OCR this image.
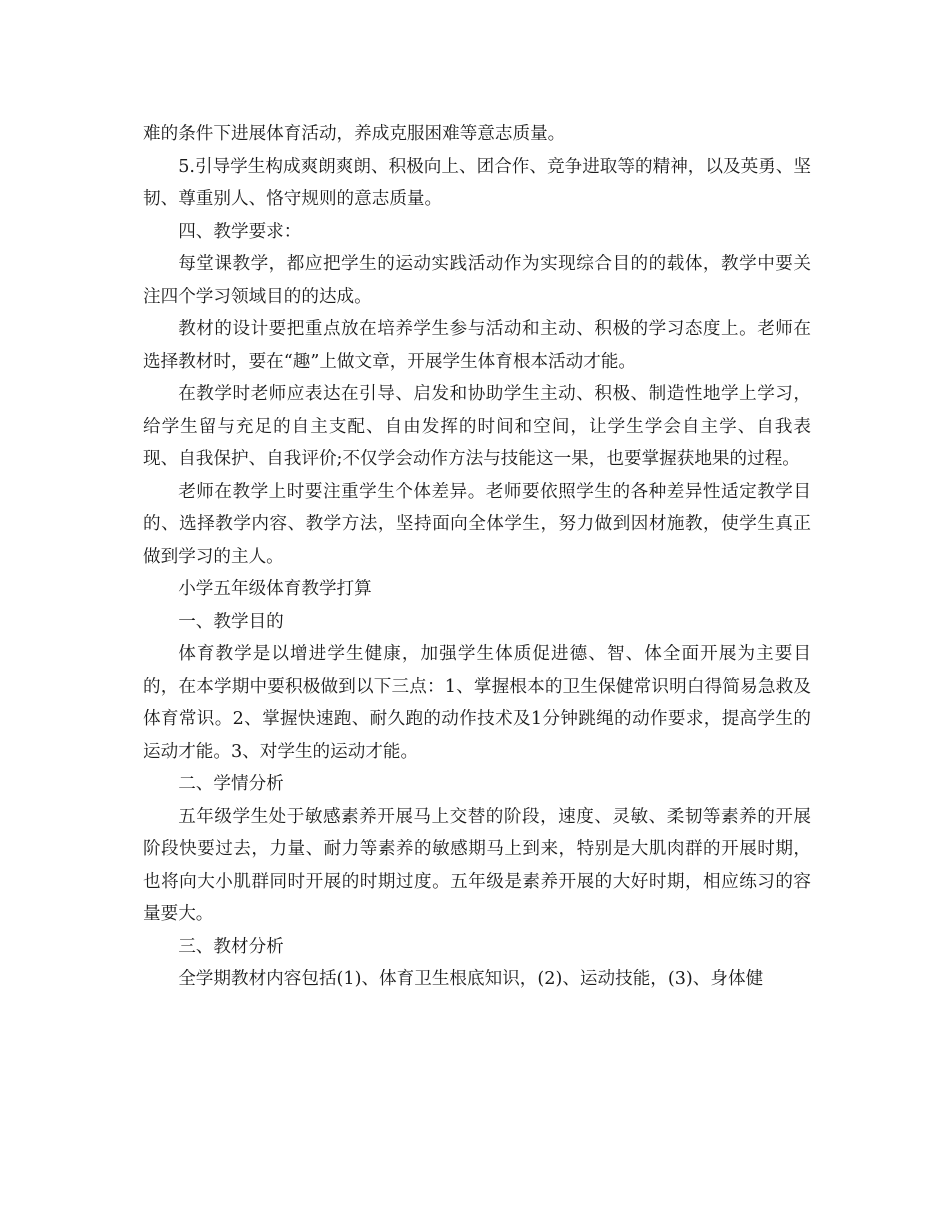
难的条件下进展体育活动，养成克服困难等意志质量。

5.引导学生构成爽朗爽朗、积极向上、团合作、竞争进取等的精神，以及英勇、坚韧、尊重别人、恪守规则的意志质量。

四、教学要求：

每堂课教学，都应把学生的运动实践活动作为实现综合目的的载体，教学中要关注四个学习领域目的的达成。

教材的设计要把重点放在培养学生参与活动和主动、积极的学习态度上。老师在选择教材时，要在“趣”上做文章，开展学生体育根本活动才能。

在教学时老师应表达在引导、启发和协助学生主动、积极、制造性地学上学习，给学生留与充足的自主支配、自由发挥的时间和空间，让学生学会自主学、自我表现、自我保护、自我评价;不仅学会动作方法与技能这一果，也要掌握获地果的过程。

老师在教学上时要注重学生个体差异。老师要依照学生的各种差异性适定教学目的、选择教学内容、教学方法，坚持面向全体学生，努力做到因材施教，使学生真正做到学习的主人。

小学五年级体育教学打算

一、教学目的

体育教学是以增进学生健康，加强学生体质促进德、智、体全面开展为主要目的，在本学期中要积极做到以下三点：1、掌握根本的卫生保健常识明白得简易急救及体育常识。2、掌握快速跑、耐久跑的动作技术及1分钟跳绳的动作要求，提高学生的运动才能。3、对学生的运动才能。

二、学情分析

五年级学生处于敏感素养开展马上交替的阶段，速度、灵敏、柔韧等素养的开展阶段快要过去，力量、耐力等素养的敏感期马上到来，特别是大肌肉群的开展时期，也将向大小肌群同时开展的时期过度。五年级是素养开展的大好时期，相应练习的容量要大。

三、教材分析

全学期教材内容包括(1)、体育卫生根底知识，(2)、运动技能，(3)、身体健
